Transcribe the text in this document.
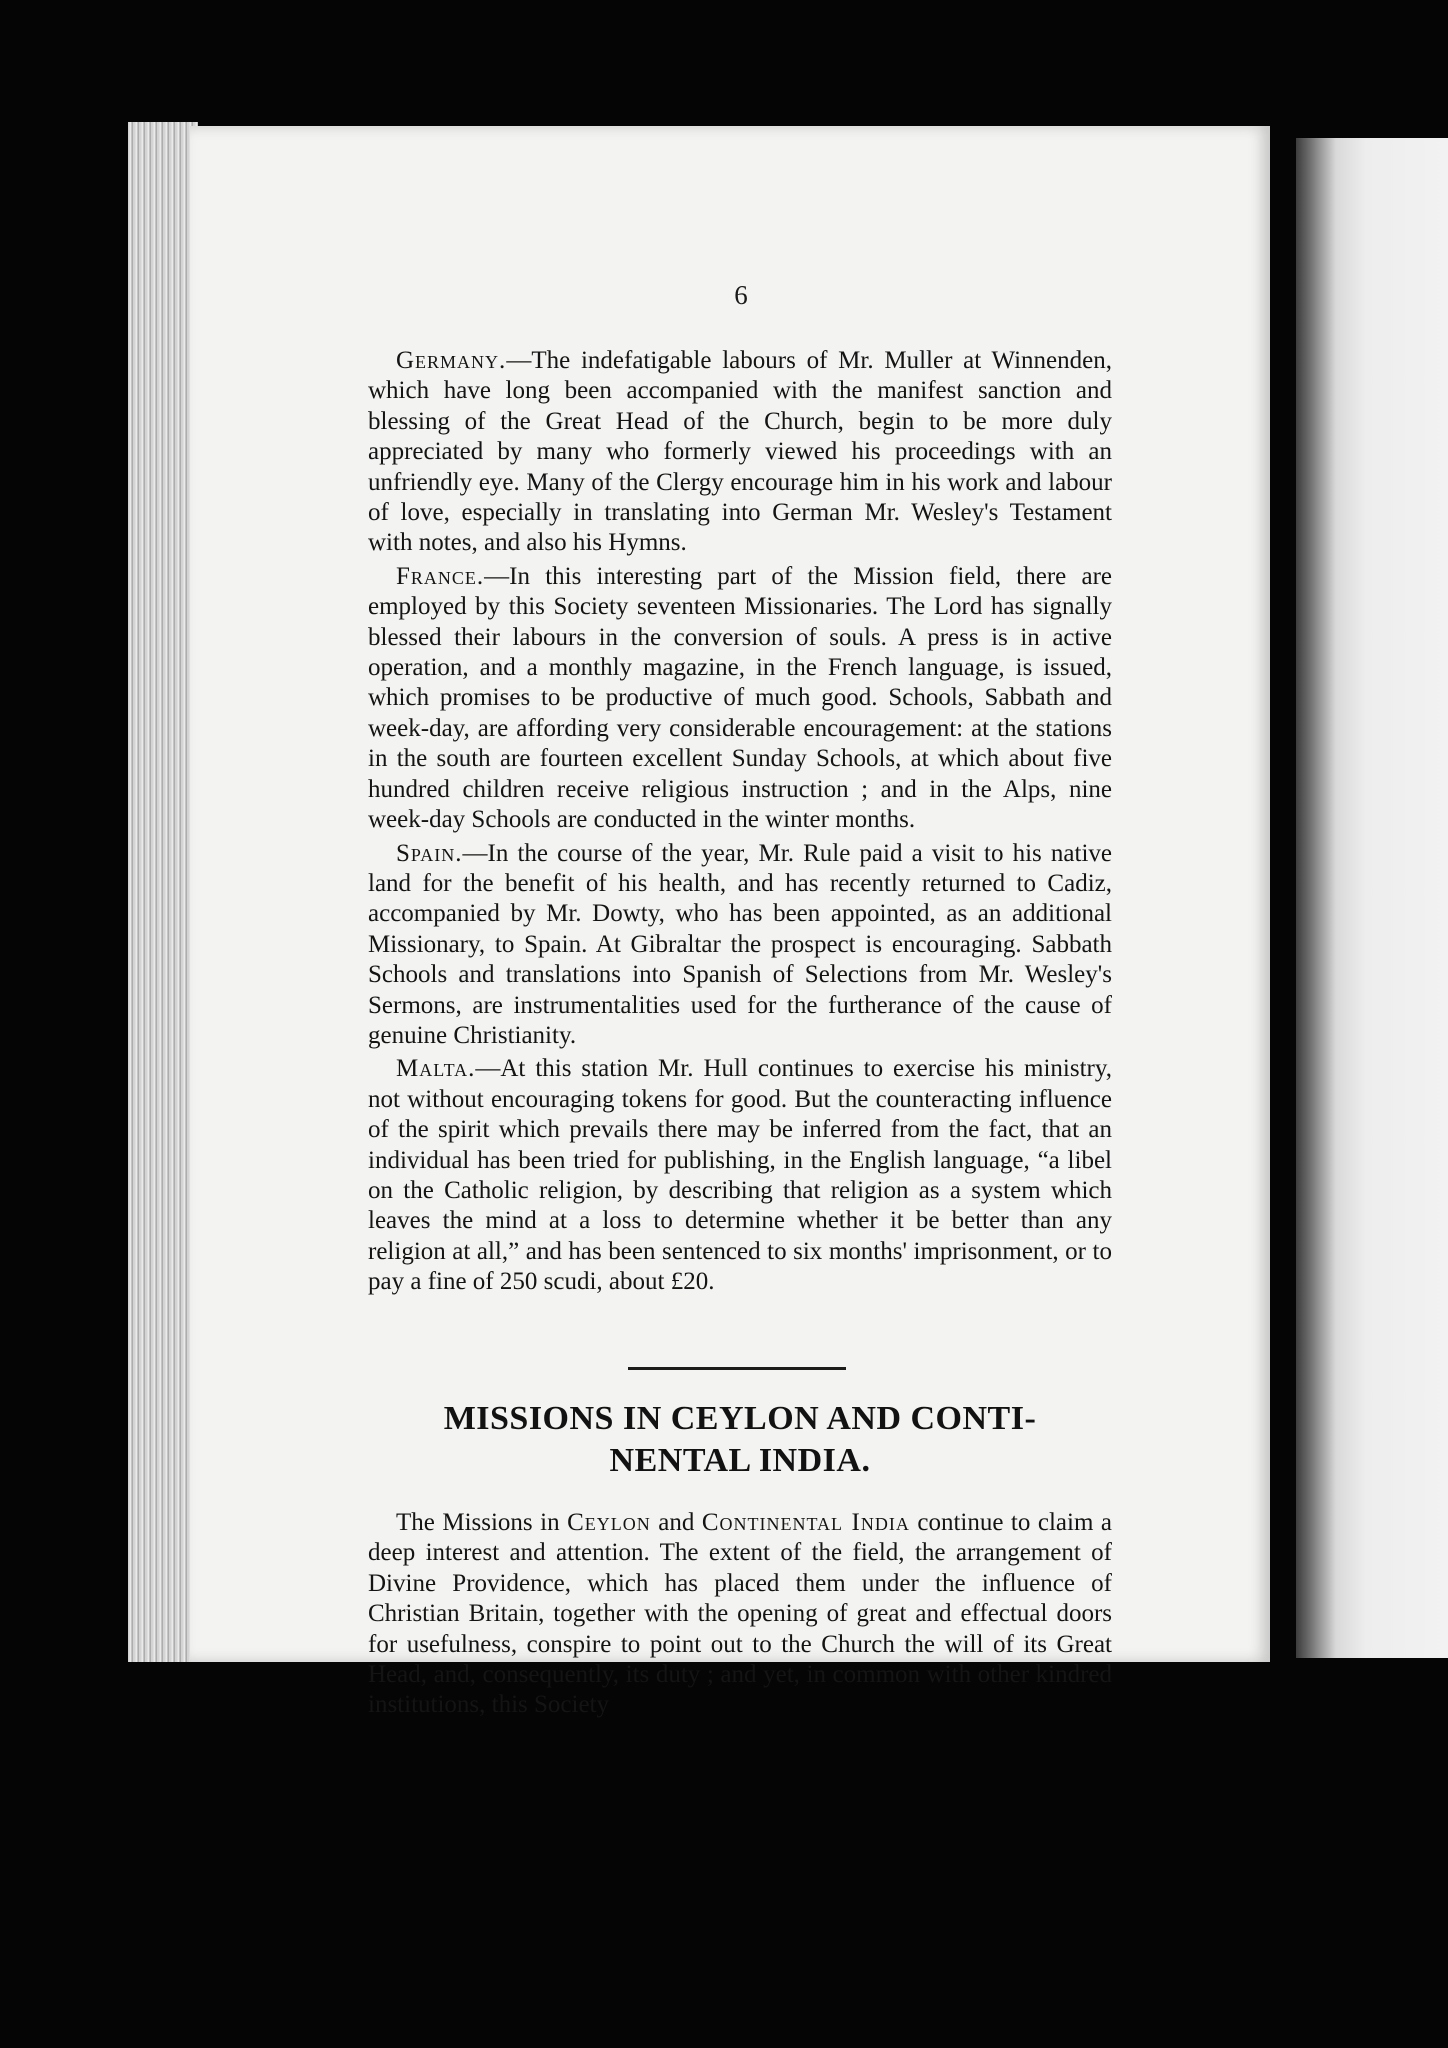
6

Germany.—The indefatigable labours of Mr. Muller at Winnenden, which have long been accompanied with the manifest sanction and blessing of the Great Head of the Church, begin to be more duly appreciated by many who formerly viewed his proceedings with an unfriendly eye. Many of the Clergy encourage him in his work and labour of love, especially in translating into German Mr. Wesley's Testament with notes, and also his Hymns.

France.—In this interesting part of the Mission field, there are employed by this Society seventeen Missionaries. The Lord has signally blessed their labours in the conversion of souls. A press is in active operation, and a monthly magazine, in the French language, is issued, which promises to be productive of much good. Schools, Sabbath and week-day, are affording very considerable encouragement: at the stations in the south are fourteen excellent Sunday Schools, at which about five hundred children receive religious instruction ; and in the Alps, nine week-day Schools are conducted in the winter months.

Spain.—In the course of the year, Mr. Rule paid a visit to his native land for the benefit of his health, and has recently returned to Cadiz, accompanied by Mr. Dowty, who has been appointed, as an additional Missionary, to Spain. At Gibraltar the prospect is encouraging. Sabbath Schools and translations into Spanish of Selections from Mr. Wesley's Sermons, are instrumentalities used for the furtherance of the cause of genuine Christianity.

Malta.—At this station Mr. Hull continues to exercise his ministry, not without encouraging tokens for good. But the counteracting influence of the spirit which prevails there may be inferred from the fact, that an individual has been tried for publishing, in the English language, “a libel on the Catholic religion, by describing that religion as a system which leaves the mind at a loss to determine whether it be better than any religion at all,” and has been sentenced to six months' imprisonment, or to pay a fine of 250 scudi, about £20.

MISSIONS IN CEYLON AND CONTI-
NENTAL INDIA.

The Missions in Ceylon and Continental India continue to claim a deep interest and attention. The extent of the field, the arrangement of Divine Providence, which has placed them under the influence of Christian Britain, together with the opening of great and effectual doors for usefulness, conspire to point out to the Church the will of its Great Head, and, consequently, its duty ; and yet, in common with other kindred institutions, this Society
